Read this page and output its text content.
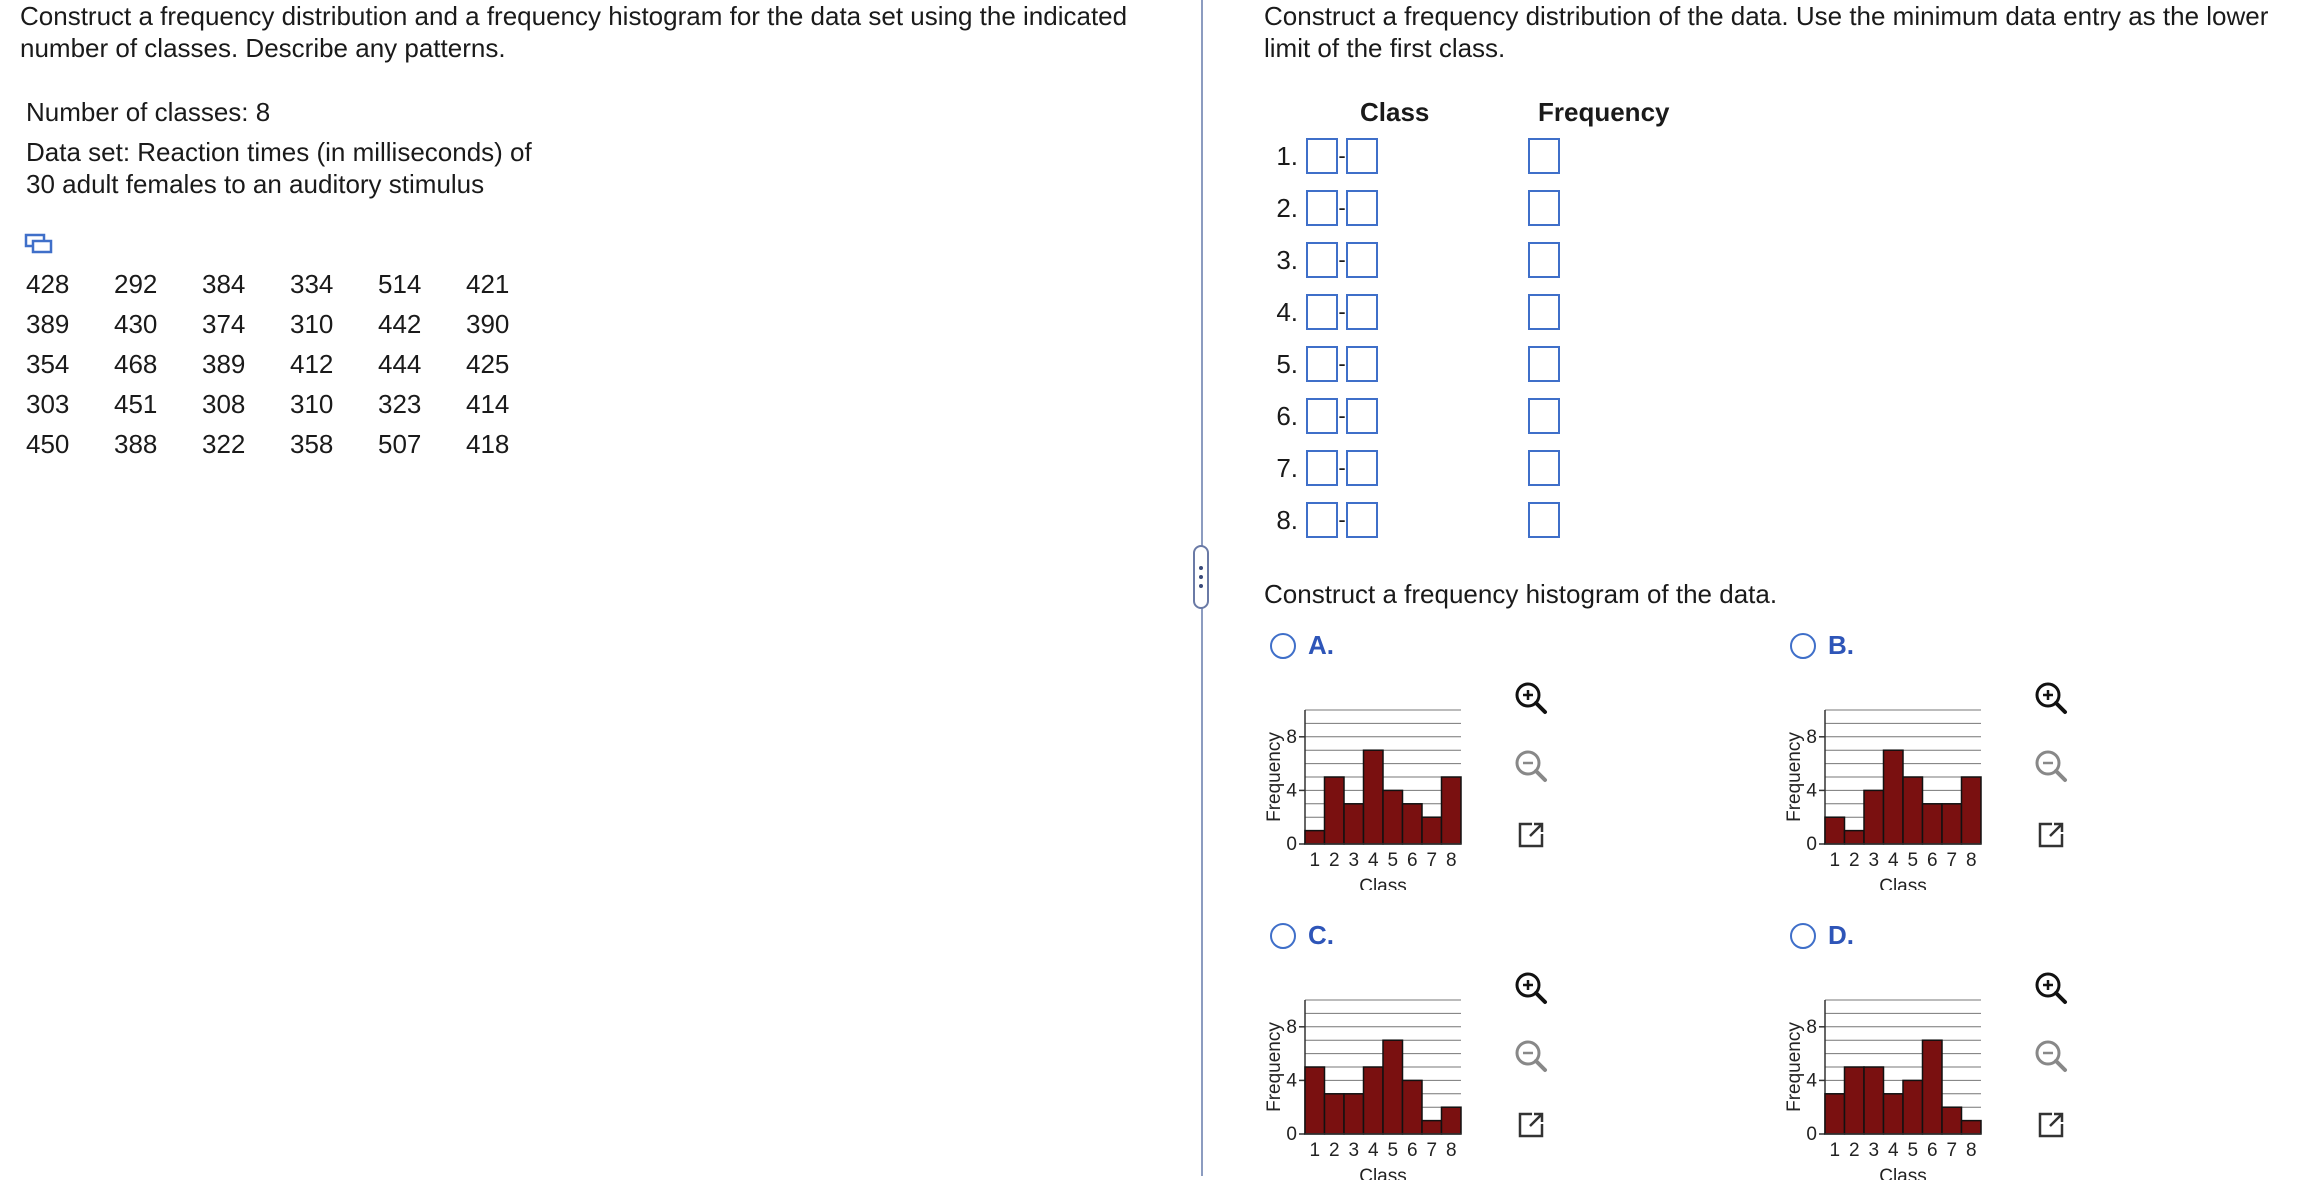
Construct a frequency distribution and a frequency histogram for the data set using the indicated
number of classes. Describe any patterns.
Number of classes: 8
Data set: Reaction times (in milliseconds) of
30 adult females to an auditory stimulus
428	292	384	334	514	421
389	430	374	310	442	390
354	468	389	412	444	425
303	451	308	310	323	414
450	388	322	358	507	418
Construct a frequency distribution of the data. Use the minimum data entry as the lower
limit of the first class.
Class	Frequency
1. -
2. -
3. -
4. -
5. -
6. -
7. -
8. -
Construct a frequency histogram of the data.
A.
0
4
8
1 2 3 4 5 6 7 8
Class
Frequency
B.
0
4
8
1 2 3 4 5 6 7 8
Class
Frequency
C.
0
4
8
1 2 3 4 5 6 7 8
Class
Frequency
D.
0
4
8
1 2 3 4 5 6 7 8
Class
Frequency
